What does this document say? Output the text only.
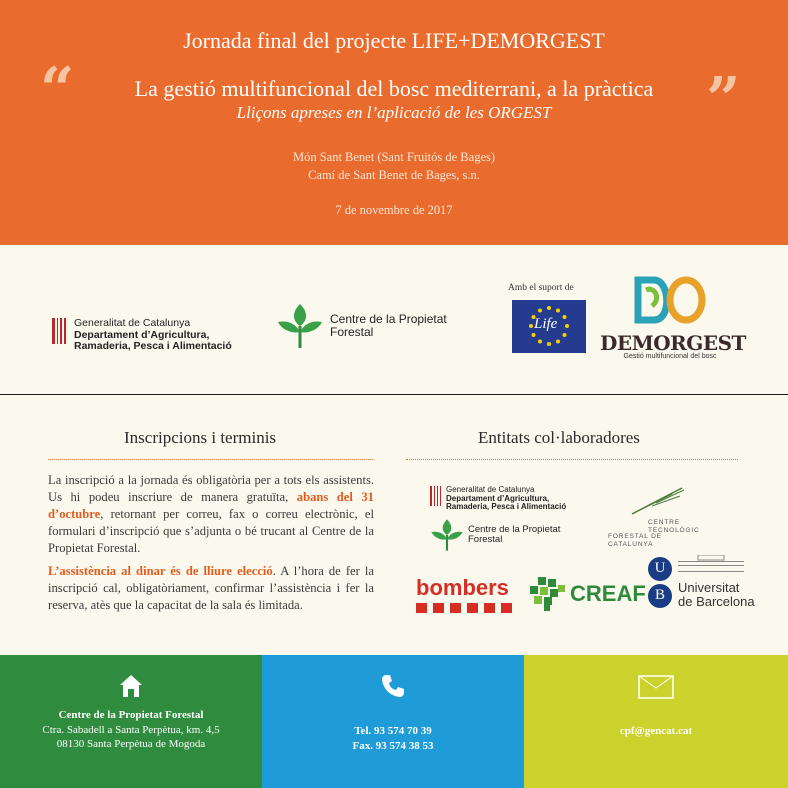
Jornada final del projecte LIFE+DEMORGEST
“	La gestió multifuncional del bosc mediterrani, a la pràctica ”
Lliçons apreses en l’aplicació de les ORGEST
Món Sant Benet (Sant Fruitós de Bages)
Camí de Sant Benet de Bages, s.n.
7 de novembre de 2017
Generalitat de Catalunya
Departament d’Agricultura,
Ramaderia, Pesca i Alimentació
Centre de la Propietat
Forestal
Amb el suport de
Life
DEMORGEST
Gestió multifuncional del bosc
Inscripcions i terminis	Entitats col·laboradores

La inscripció a la jornada és obligatòria per a tots els assistents. Us hi podeu inscriure de manera gratuïta, abans del 31 d’octubre, retornant per correu, fax o correu electrònic, el formulari d’inscripció que s’adjunta o bé trucant al Centre de la Propietat Forestal.

L’assistència al dinar és de lliure elecció. A l’hora de fer la inscripció cal, obligatòriament, confirmar l’assistència i fer la reserva, atès que la capacitat de la sala és limitada.

Generalitat de Catalunya
Departament d’Agricultura,
Ramaderia, Pesca i Alimentació
CENTRE TECNOLÒGIC
FORESTAL DE CATALUNYA
Centre de la Propietat
Forestal
bombers	CREAF
U
B	Universitat
de Barcelona
Centre de la Propietat Forestal
Ctra. Sabadell a Santa Perpètua, km. 4,5
08130 Santa Perpètua de Mogoda
Tel. 93 574 70 39
Fax. 93 574 38 53
cpf@gencat.cat
